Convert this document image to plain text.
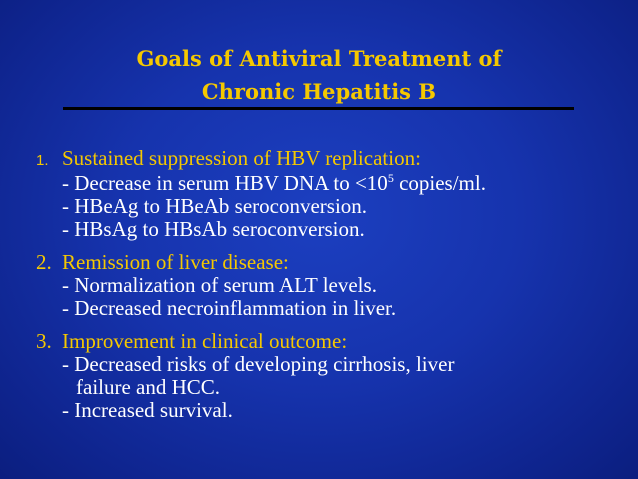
Goals of Antiviral Treatment of
Chronic Hepatitis B
1. Sustained suppression of HBV replication:
- Decrease in serum HBV DNA to $<10^5$ copies/ml.
- HBeAg to HBeAb seroconversion.
- HBsAg to HBsAb seroconversion.
2. Remission of liver disease:
- Normalization of serum ALT levels.
- Decreased necroinflammation in liver.
3. Improvement in clinical outcome:
- Decreased risks of developing cirrhosis, liver
failure and HCC.
- Increased survival.
